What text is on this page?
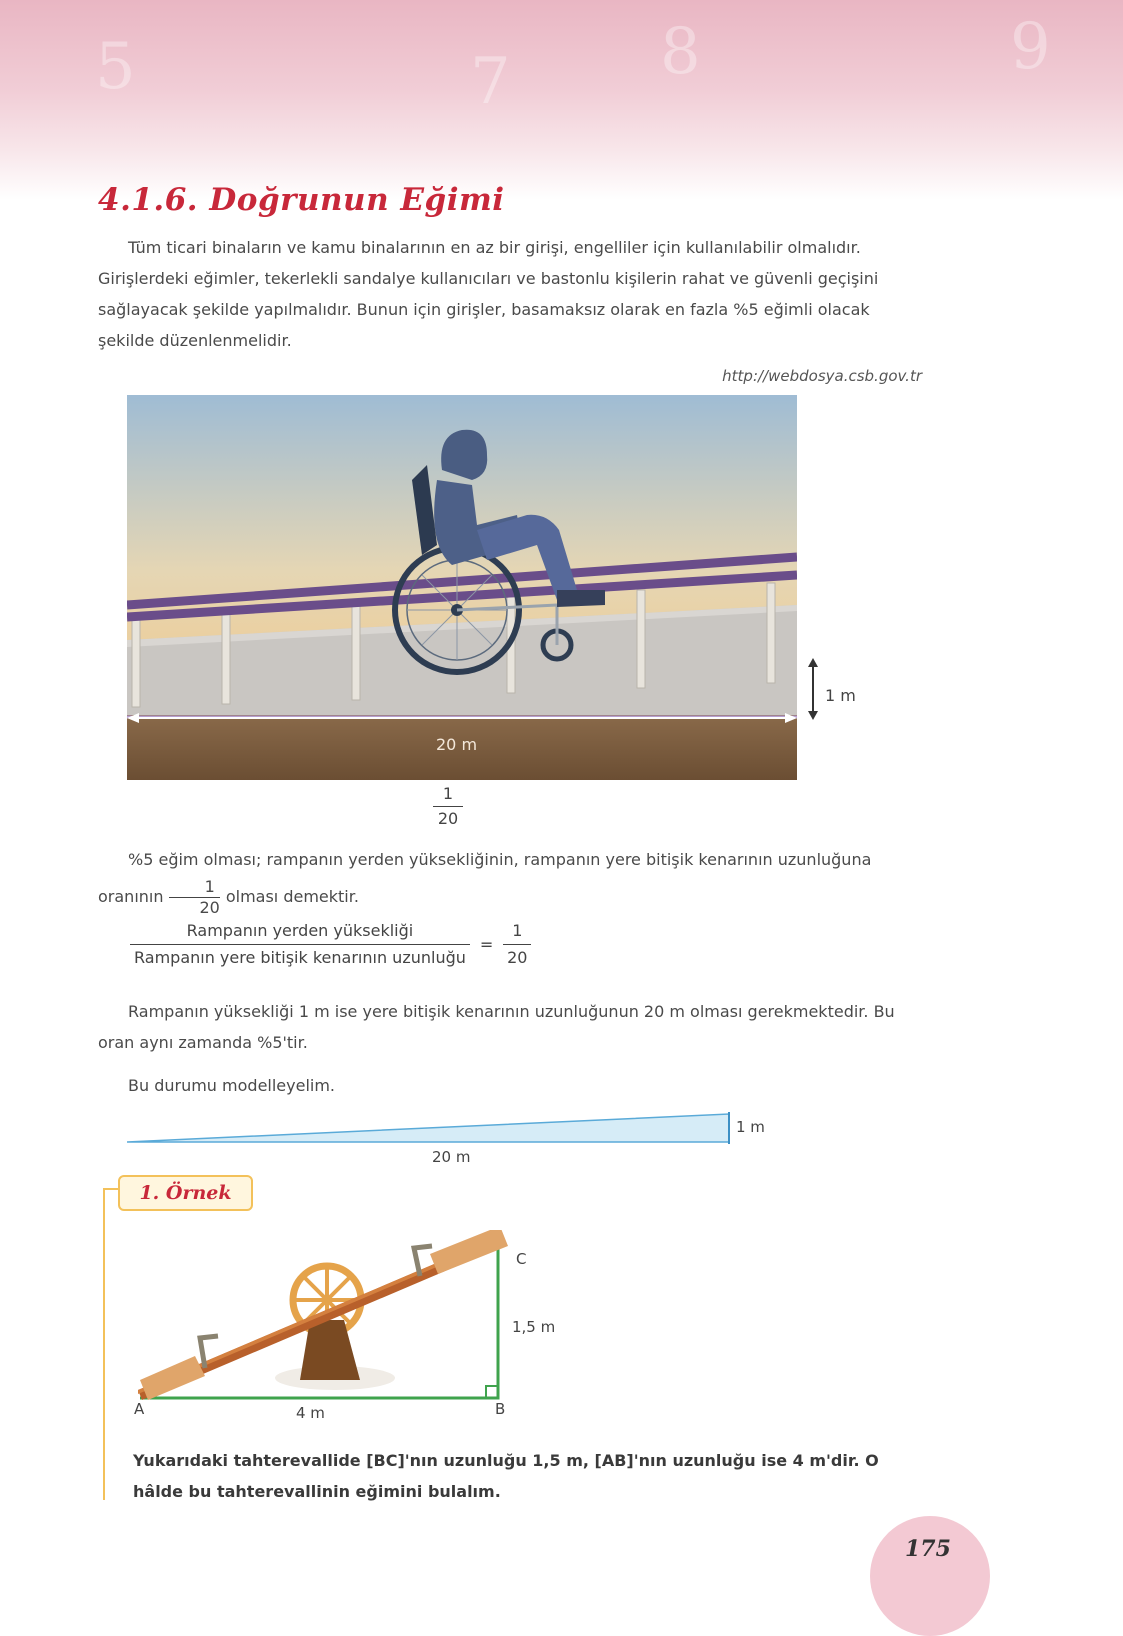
5	7 8	9
4.1.6. Doğrunun Eğimi

Tüm ticari binaların ve kamu binalarının en az bir girişi, engelliler için kullanılabilir olmalıdır. Girişlerdeki eğimler, tekerlekli sandalye kullanıcıları ve bastonlu kişilerin rahat ve güvenli geçişini sağlayacak şekilde yapılmalıdır. Bunun için girişler, basamaksız olarak en fazla %5 eğimli olacak şekilde düzenlenmelidir.

http://webdosya.csb.gov.tr
20 m
1 m
1
20

%5 eğim olması; rampanın yerden yüksekliğinin, rampanın yere bitişik kenarının uzunluğuna oranının $\frac{1}{20}$ olması demektir.

Rampanın yerden yüksekliği
Rampanın yere bitişik kenarının uzunluğu
=
1
20

Rampanın yüksekliği 1 m ise yere bitişik kenarının uzunluğunun 20 m olması gerekmektedir. Bu oran aynı zamanda %5'tir.

Bu durumu modelleyelim.

1 m
20 m
1. Örnek
A	B
C
1,5 m
4 m

Yukarıdaki tahterevallide [BC]'nın uzunluğu 1,5 m, [AB]'nın uzunluğu ise 4 m'dir. O hâlde bu tahterevallinin eğimini bulalım.

175
